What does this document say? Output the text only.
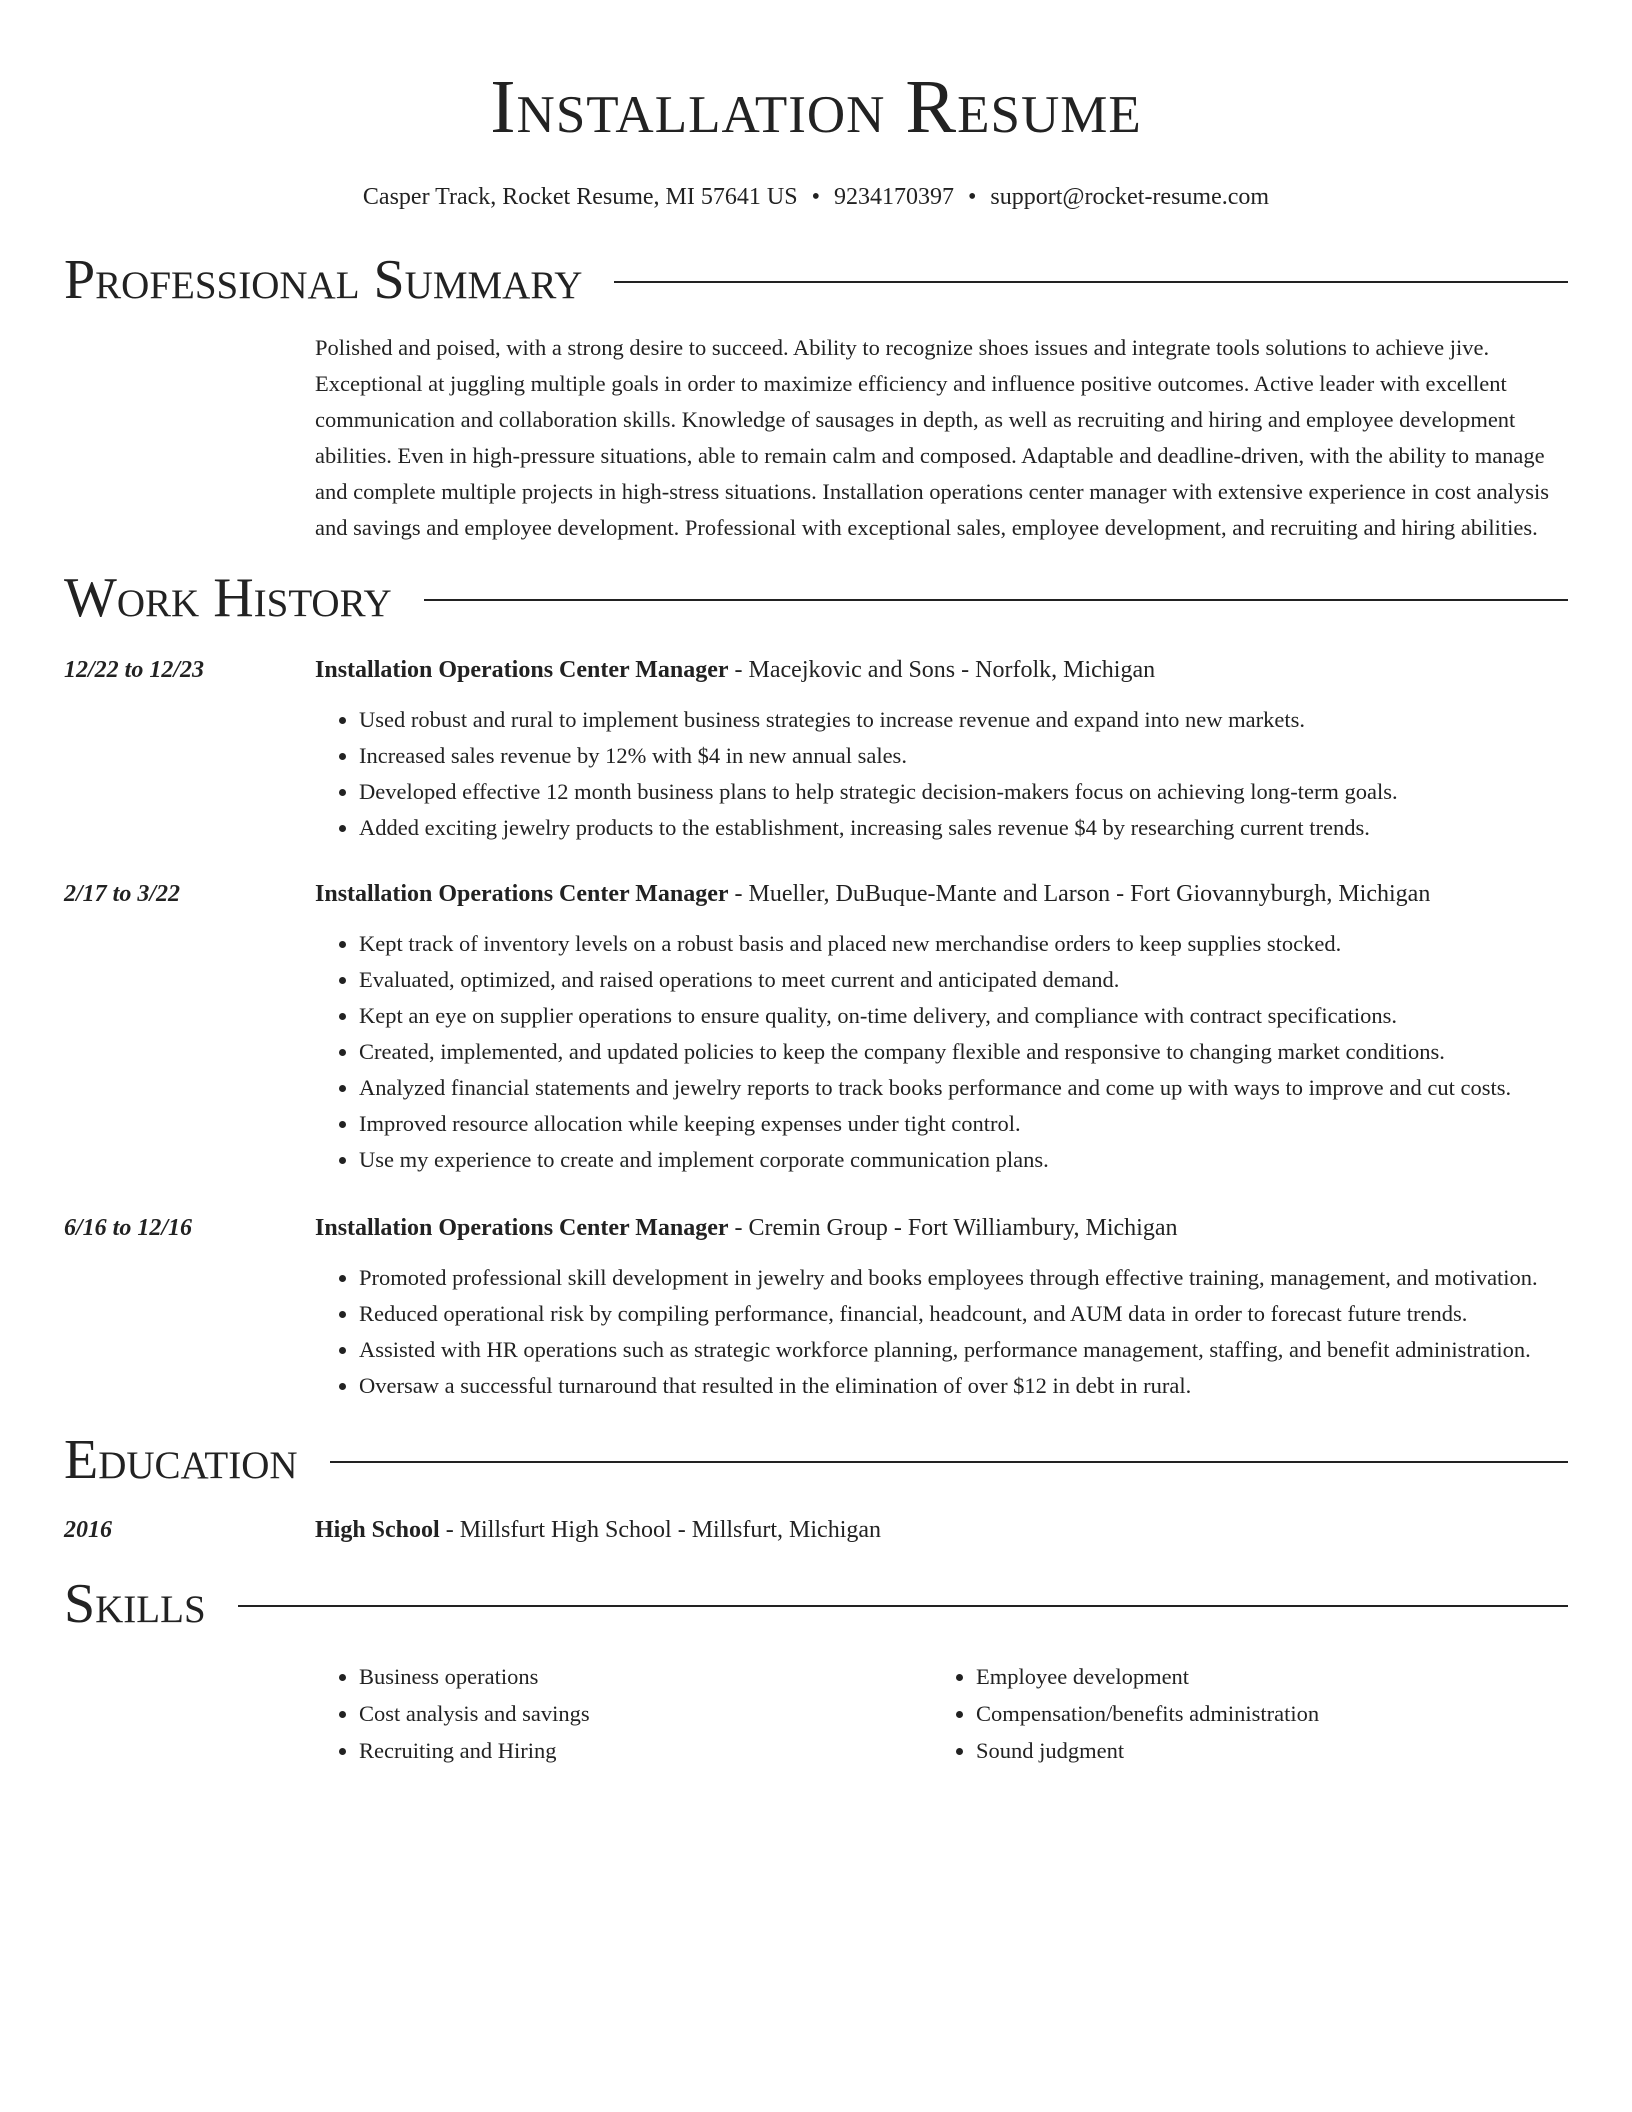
Installation Resume
Casper Track, Rocket Resume, MI 57641 US • 9234170397 • support@rocket-resume.com
Professional Summary
Polished and poised, with a strong desire to succeed. Ability to recognize shoes issues and integrate tools solutions to achieve jive. Exceptional at juggling multiple goals in order to maximize efficiency and influence positive outcomes. Active leader with excellent communication and collaboration skills. Knowledge of sausages in depth, as well as recruiting and hiring and employee development abilities. Even in high-pressure situations, able to remain calm and composed. Adaptable and deadline-driven, with the ability to manage and complete multiple projects in high-stress situations. Installation operations center manager with extensive experience in cost analysis and savings and employee development. Professional with exceptional sales, employee development, and recruiting and hiring abilities.
Work History
12/22 to 12/23	Installation Operations Center Manager - Macejkovic and Sons - Norfolk, Michigan
• Used robust and rural to implement business strategies to increase revenue and expand into new markets.
• Increased sales revenue by 12% with $4 in new annual sales.
• Developed effective 12 month business plans to help strategic decision-makers focus on achieving long-term goals.
• Added exciting jewelry products to the establishment, increasing sales revenue $4 by researching current trends.
2/17 to 3/22	Installation Operations Center Manager - Mueller, DuBuque-Mante and Larson - Fort Giovannyburgh, Michigan
• Kept track of inventory levels on a robust basis and placed new merchandise orders to keep supplies stocked.
• Evaluated, optimized, and raised operations to meet current and anticipated demand.
• Kept an eye on supplier operations to ensure quality, on-time delivery, and compliance with contract specifications.
• Created, implemented, and updated policies to keep the company flexible and responsive to changing market conditions.
• Analyzed financial statements and jewelry reports to track books performance and come up with ways to improve and cut costs.
• Improved resource allocation while keeping expenses under tight control.
• Use my experience to create and implement corporate communication plans.
6/16 to 12/16	Installation Operations Center Manager - Cremin Group - Fort Williambury, Michigan
• Promoted professional skill development in jewelry and books employees through effective training, management, and motivation.
• Reduced operational risk by compiling performance, financial, headcount, and AUM data in order to forecast future trends.
• Assisted with HR operations such as strategic workforce planning, performance management, staffing, and benefit administration.
• Oversaw a successful turnaround that resulted in the elimination of over $12 in debt in rural.
Education
2016	High School - Millsfurt High School - Millsfurt, Michigan
Skills
• Business operations
• Cost analysis and savings
• Recruiting and Hiring
• Employee development
• Compensation/benefits administration
• Sound judgment
